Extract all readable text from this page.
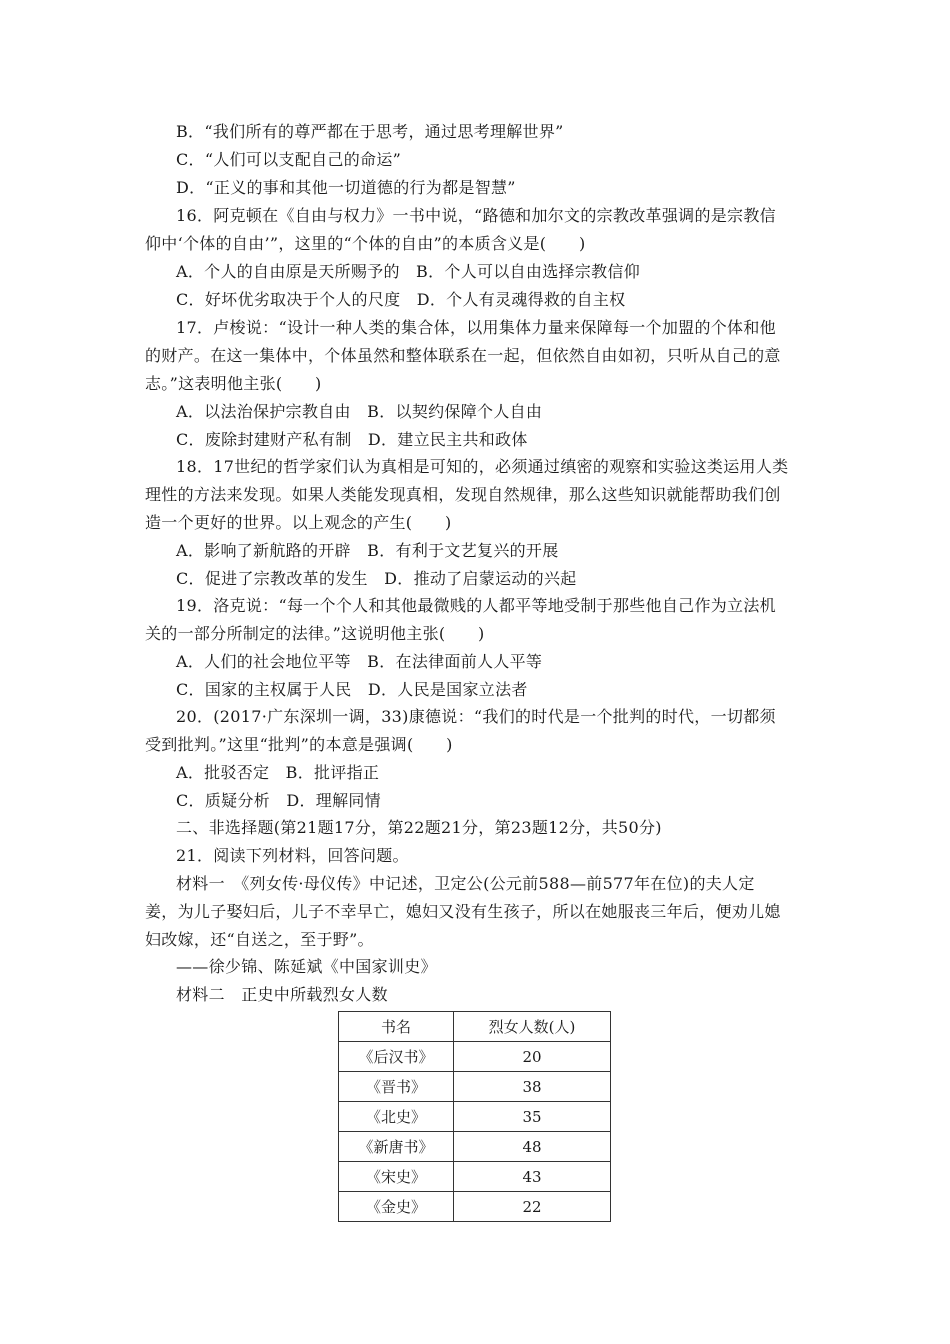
B．“我们所有的尊严都在于思考，通过思考理解世界”
C．“人们可以支配自己的命运”
D．“正义的事和其他一切道德的行为都是智慧”
16．阿克顿在《自由与权力》一书中说，“路德和加尔文的宗教改革强调的是宗教信
仰中‘个体的自由’”，这里的“个体的自由”的本质含义是(　　)
A．个人的自由原是天所赐予的　B．个人可以自由选择宗教信仰
C．好坏优劣取决于个人的尺度　D．个人有灵魂得救的自主权
17．卢梭说：“设计一种人类的集合体，以用集体力量来保障每一个加盟的个体和他
的财产。在这一集体中，个体虽然和整体联系在一起，但依然自由如初，只听从自己的意
志。”这表明他主张(　　)
A．以法治保护宗教自由　B．以契约保障个人自由
C．废除封建财产私有制　D．建立民主共和政体
18．17世纪的哲学家们认为真相是可知的，必须通过缜密的观察和实验这类运用人类
理性的方法来发现。如果人类能发现真相，发现自然规律，那么这些知识就能帮助我们创
造一个更好的世界。以上观念的产生(　　)
A．影响了新航路的开辟　B．有利于文艺复兴的开展
C．促进了宗教改革的发生　D．推动了启蒙运动的兴起
19．洛克说：“每一个个人和其他最微贱的人都平等地受制于那些他自己作为立法机
关的一部分所制定的法律。”这说明他主张(　　)
A．人们的社会地位平等　B．在法律面前人人平等
C．国家的主权属于人民　D．人民是国家立法者
20．(2017·广东深圳一调，33)康德说：“我们的时代是一个批判的时代，一切都须
受到批判。”这里“批判”的本意是强调(　　)
A．批驳否定　B．批评指正
C．质疑分析　D．理解同情
二、非选择题(第21题17分，第22题21分，第23题12分，共50分)
21．阅读下列材料，回答问题。
材料一　《列女传·母仪传》中记述，卫定公(公元前588—前577年在位)的夫人定
姜，为儿子娶妇后，儿子不幸早亡，媳妇又没有生孩子，所以在她服丧三年后，便劝儿媳
妇改嫁，还“自送之，至于野”。
——徐少锦、陈延斌《中国家训史》
材料二　正史中所载烈女人数
书名	烈女人数(人)
《后汉书》	20
《晋书》	38
《北史》	35
《新唐书》	48
《宋史》	43
《金史》	22
